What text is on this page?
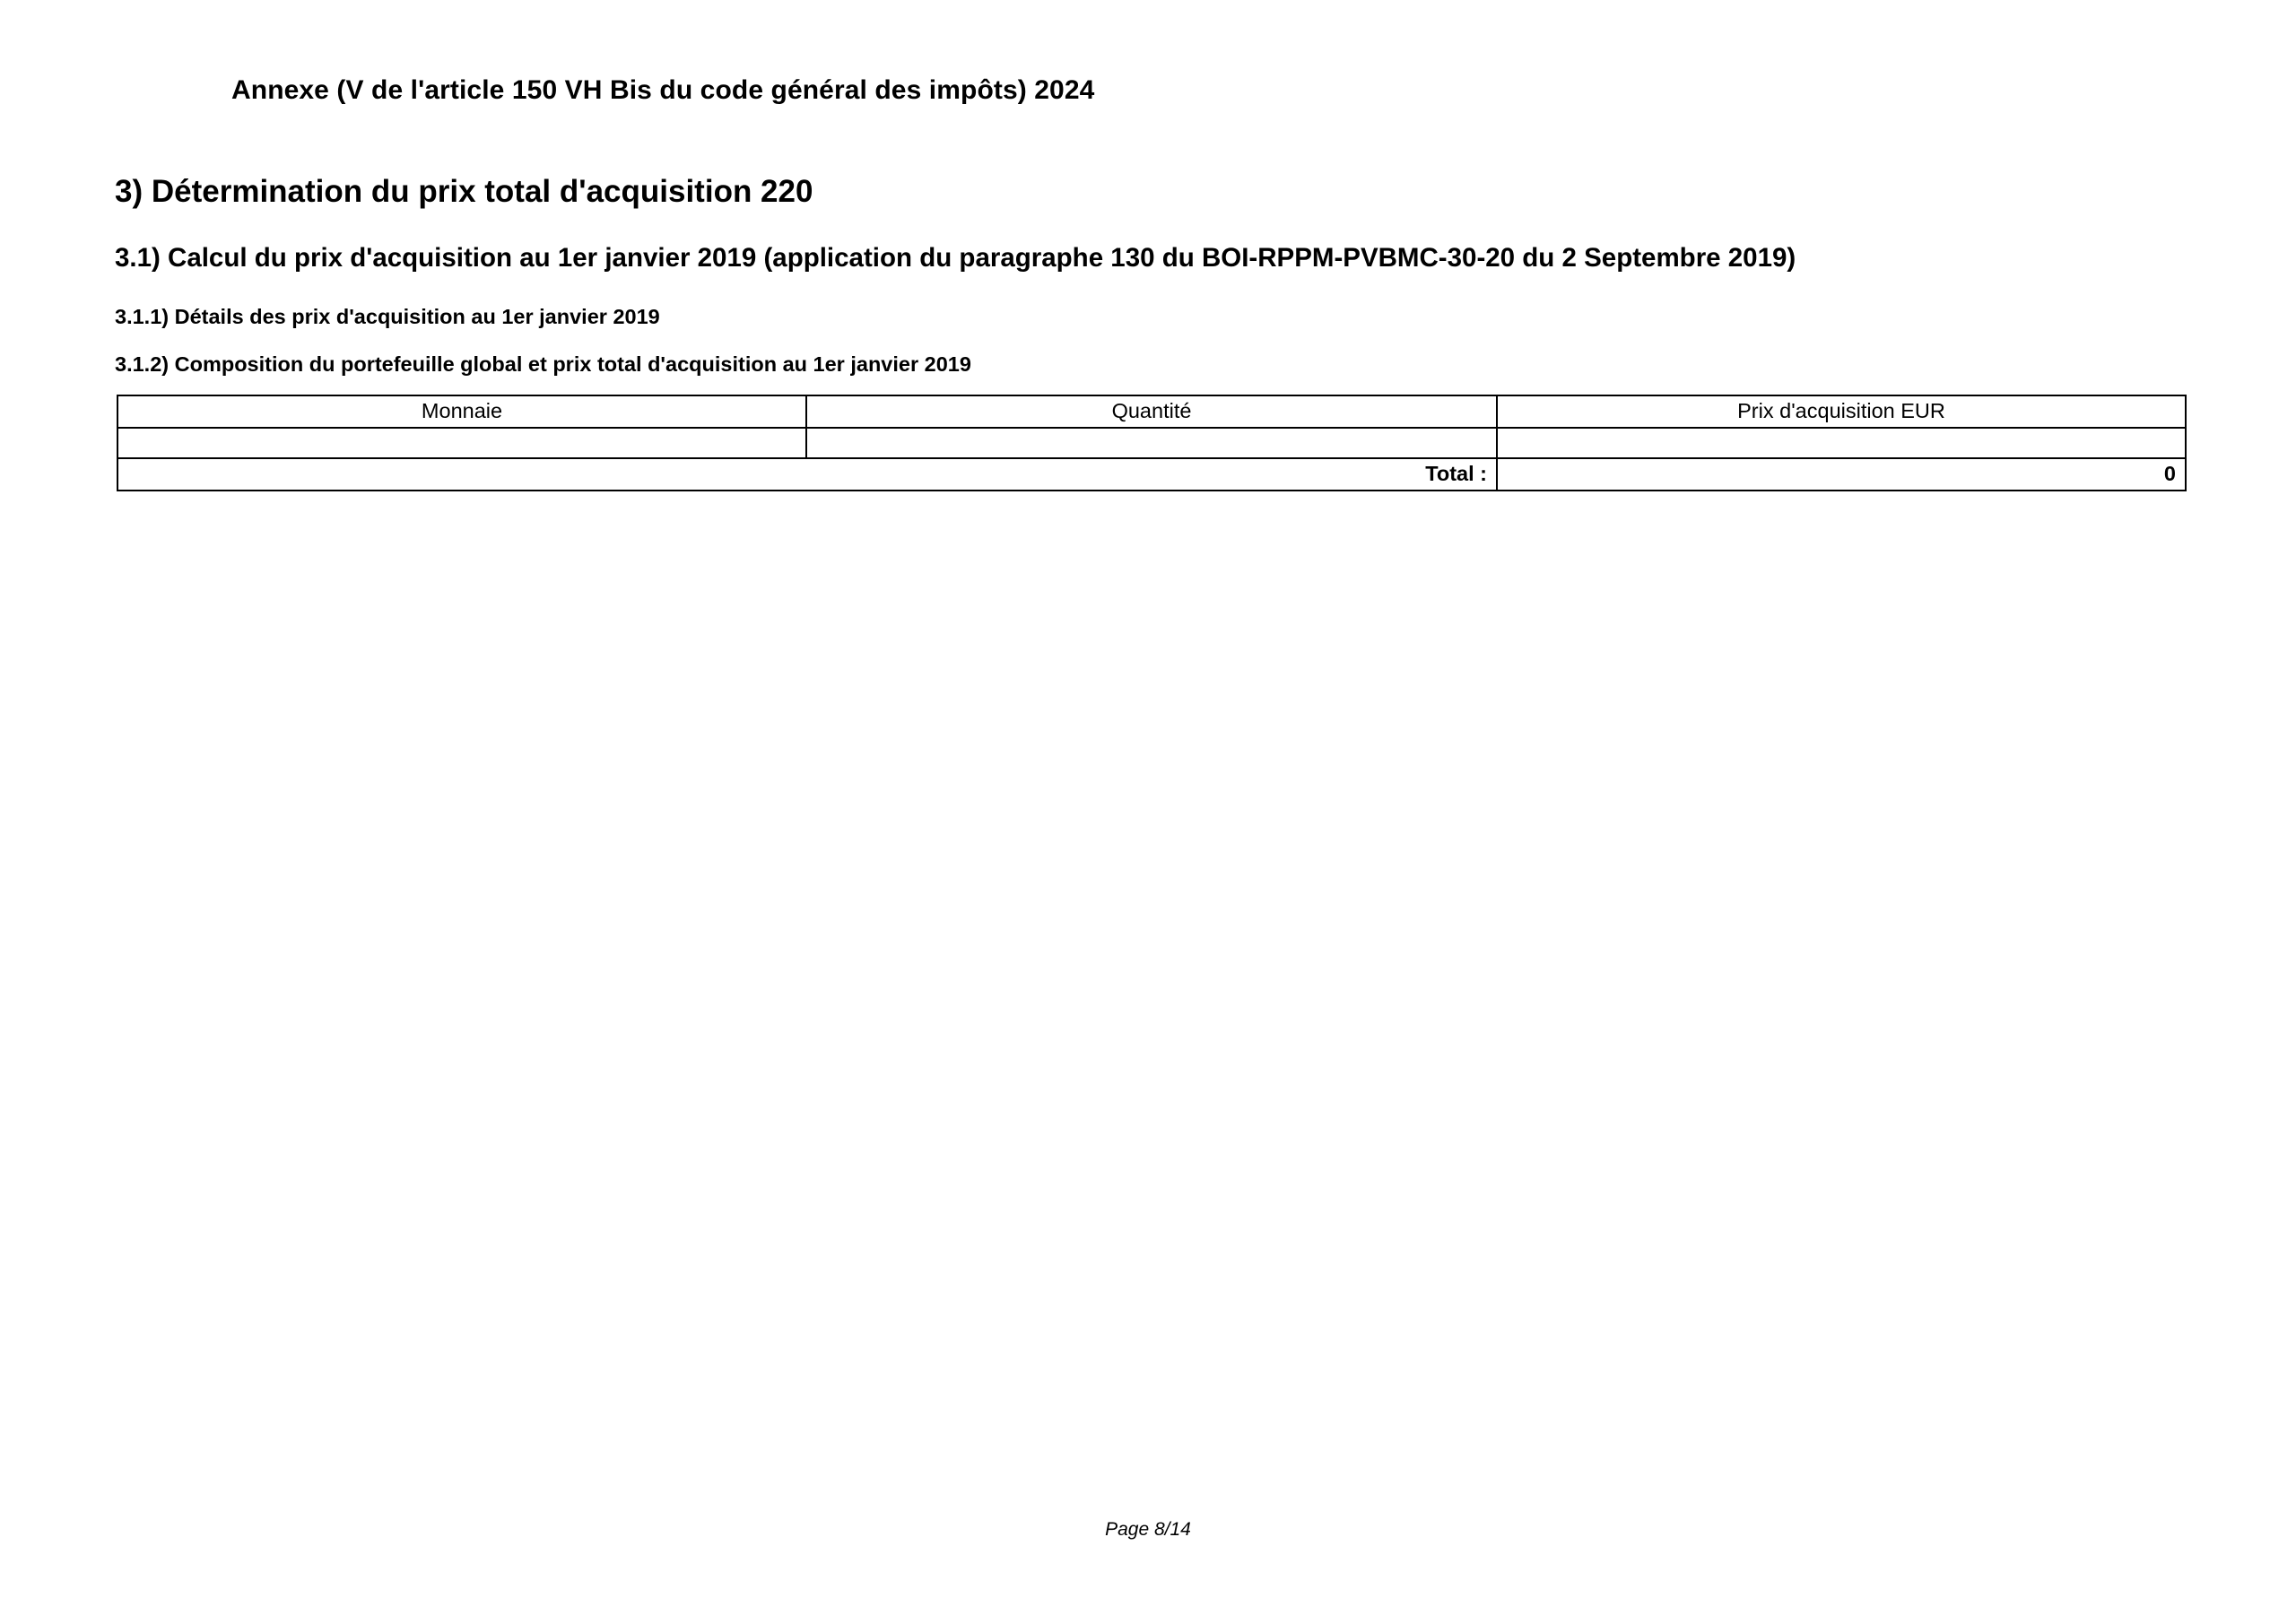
Annexe (V de l'article 150 VH Bis du code général des impôts) 2024
3) Détermination du prix total d'acquisition 220
3.1) Calcul du prix d'acquisition au 1er janvier 2019 (application du paragraphe 130 du BOI-RPPM-PVBMC-30-20 du 2 Septembre 2019)
3.1.1) Détails des prix d'acquisition au 1er janvier 2019
3.1.2) Composition du portefeuille global et prix total d'acquisition au 1er janvier 2019
Monnaie	Quantité	Prix d'acquisition EUR

Total :		0
Page 8/14
